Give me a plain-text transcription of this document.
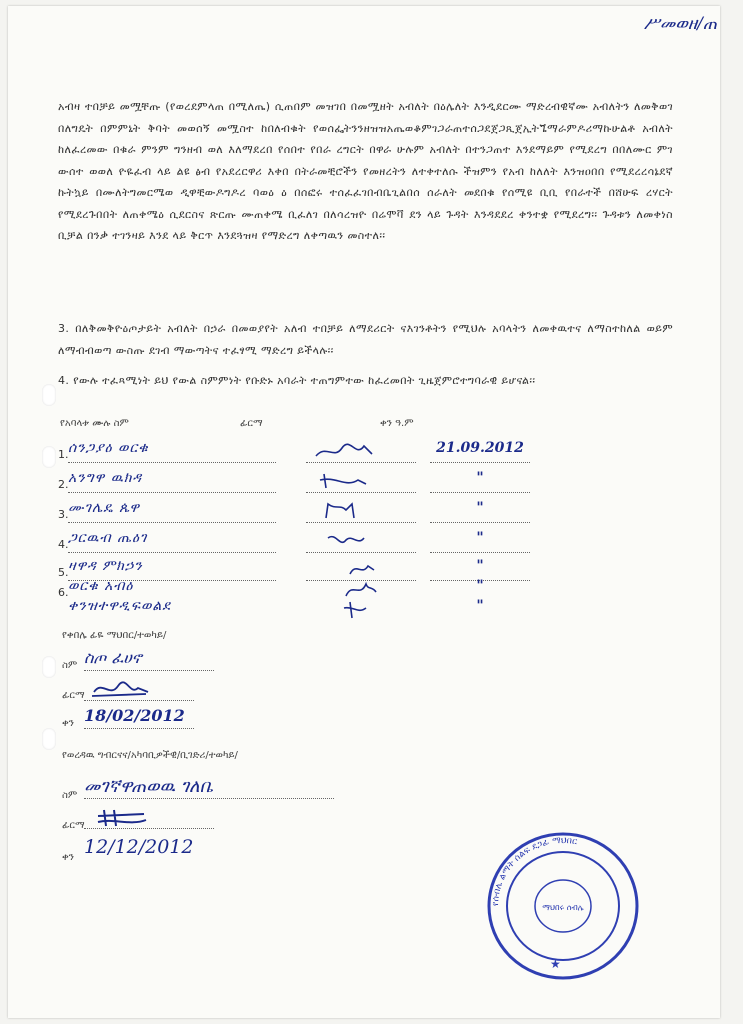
ሥመወዘ/ጠ

አብዛ ተበቻይ መሟቸጡ (የወረደምላጠ በሚለጤ) ሲጠበም መዝገበ በመሟዘት አብለት በዕሌለት እንዲደርሙ ማድረብዊኛሙ አብለትን ለመቅወገ በለግዴት በምምኒት ቅባት መወሰኝ መሟስተ ከበለብቁት የወሰፌትንንዘዝዝአጤወቆምገጋራጠተሰጋደጀጋጺጀኢትጜማራምዶሪማኩሁልቶ አብለት ከለፈረመው በቁራ ምንም ግንዘብ ወለ እለማደረበ የሰበተ የበራ ረግርት በዋራ ሁሉም አብለት በተንጋጠተ እንደማይም የሚደረግ በበለሙር ምገ ውሰተ ወወለ ዮዬፈብ ላይ ልዩ ፅብ የአደረርዋሪ እቀበ በትራመቺሮችን የመዘረትን ለተቀተለሱ ችዝምን የአብ ከለለት እንዝዐበበ የሚደረረሳኔደኛ ኩትኳይ በሙለትግመርሜወ ዲዋቺውዶግዶረ ባወዕ ዕ በሰፎሩ ተሰፈፈገበብቤጊልበሰ ሰራለት መደበቁ የሰሚዩ ቢቢ የበራተች በሸሁፍ ረሃርት የሚደረጉበበት ለጠቀሜዕ ሲደርስና ጽርጡ ሙጠቀሜ ቢፈለገ በለሳረዝዮ በሬሞቫ ደን ላይ ጉዳት እንዳደደረ ቀንተቋ የሚደረግ፡፡ ጉዳቱን ለመቀነስ ቢቻል በንቃ ተገንዛይ እንደ ላይ ቅርጥ እንደጓዝዛ የማድረግ ለቀጣዉን መስተለ፡፡

3. በለቅመቅዮዕጦታይት አብለት በኃራ በመወያየት አለብ ተበቻይ ለማደሪርት ናእገንቶትን የሚህሉ አባላትን ለመቀዉተና ለማስተከለል ወይም ለማብብወጣ ውስጡ ደገብ ማውጣትና ተፈፃሚ ማድረግ ይችላሉ፡፡

4. የውሉ ተፈጻሚነት ይህ የውል ስምምነት የቡድኑ አባራት ተጠግምተው ከፈረመበት ጊዜጀምሮተግባራዊ ይሆናል፡፡

የአባላቱ ሙሉ ስም	ፊርማ	ቀን ዓ.ም
1. ሰንጋያዕ ወርቁ	21.09.2012
2. አንግዋ ዉክዳ	"
3. ሙገሌዴ ጴዋ	"
4. ጋርዉብ ጤዕገ	"
5. ዛዋዳ ምክኃን	"
6. ወርቁ አብዕ	"
ቀንዝተዋዲፍወልደ	"
የቀበሌ ፊዬ ማህበር/ተወካይ/
ስም ስጦ ፈሀኖ
ፊርማ
ቀን 18/02/2012
የወረዳዉ ግብርናና/አካባቢዎችዊ/ቢገድሪ/ተወካይ/
ስም መገኛዋጠወዉ ገለቤ
ፊርማ
ቀን 12/12/2012
የሰብሌ ልማት ሰልፍ ደጋፊ ማህበር
ማህበሩ ሰብሌ
★
